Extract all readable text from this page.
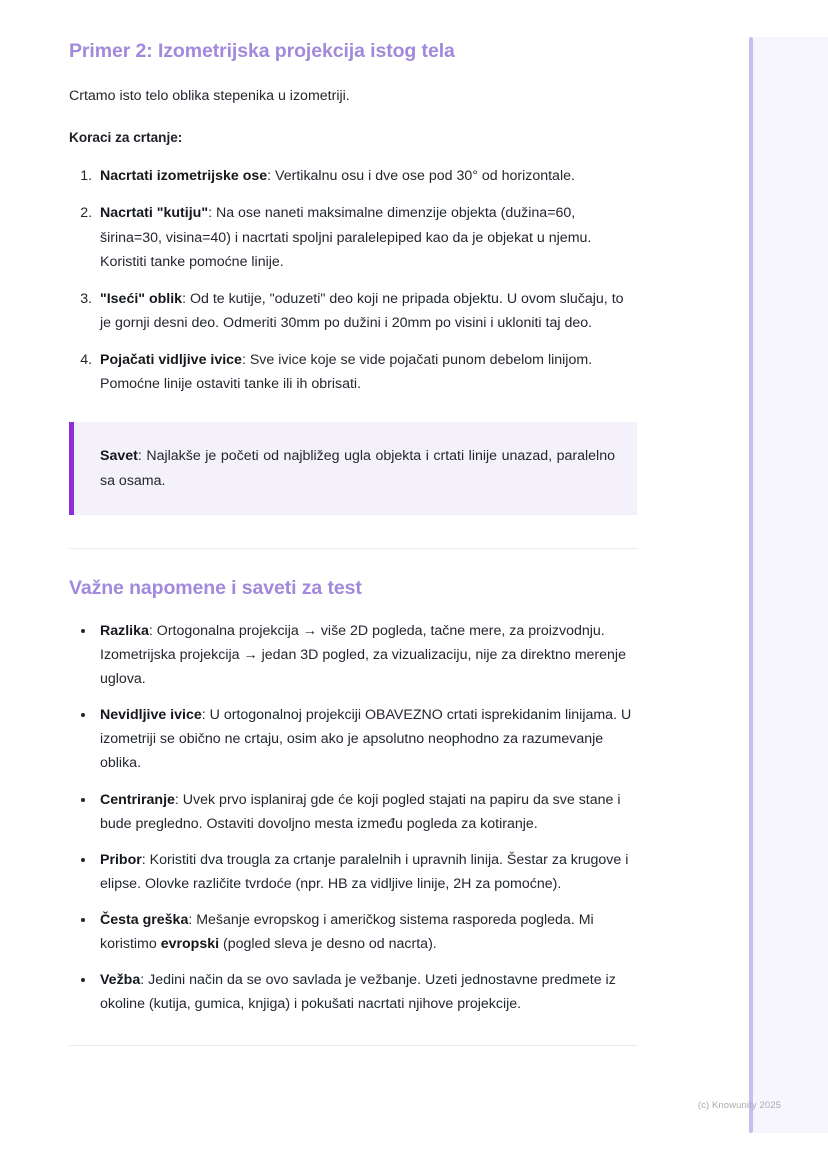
Primer 2: Izometrijska projekcija istog tela

Crtamo isto telo oblika stepenika u izometriji.

Koraci za crtanje:

1. Nacrtati izometrijske ose: Vertikalnu osu i dve ose pod 30° od horizontale.
2. Nacrtati "kutiju": Na ose naneti maksimalne dimenzije objekta (dužina=60, širina=30, visina=40) i nacrtati spoljni paralelepiped kao da je objekat u njemu. Koristiti tanke pomoćne linije.
3. "Iseći" oblik: Od te kutije, "oduzeti" deo koji ne pripada objektu. U ovom slučaju, to je gornji desni deo. Odmeriti 30mm po dužini i 20mm po visini i ukloniti taj deo.
4. Pojačati vidljive ivice: Sve ivice koje se vide pojačati punom debelom linijom. Pomoćne linije ostaviti tanke ili ih obrisati.

Savet: Najlakše je početi od najbližeg ugla objekta i crtati linije unazad, paralelno sa osama.

Važne napomene i saveti za test
• Razlika: Ortogonalna projekcija → više 2D pogleda, tačne mere, za proizvodnju. Izometrijska projekcija → jedan 3D pogled, za vizualizaciju, nije za direktno merenje uglova.
• Nevidljive ivice: U ortogonalnoj projekciji OBAVEZNO crtati isprekidanim linijama. U izometriji se obično ne crtaju, osim ako je apsolutno neophodno za razumevanje oblika.
• Centriranje: Uvek prvo isplaniraj gde će koji pogled stajati na papiru da sve stane i bude pregledno. Ostaviti dovoljno mesta između pogleda za kotiranje.
• Pribor: Koristiti dva trougla za crtanje paralelnih i upravnih linija. Šestar za krugove i elipse. Olovke različite tvrdoće (npr. HB za vidljive linije, 2H za pomoćne).
• Česta greška: Mešanje evropskog i američkog sistema rasporeda pogleda. Mi koristimo evropski (pogled sleva je desno od nacrta).
• Vežba: Jedini način da se ovo savlada je vežbanje. Uzeti jednostavne predmete iz okoline (kutija, gumica, knjiga) i pokušati nacrtati njihove projekcije.
(c) Knowunity 2025
